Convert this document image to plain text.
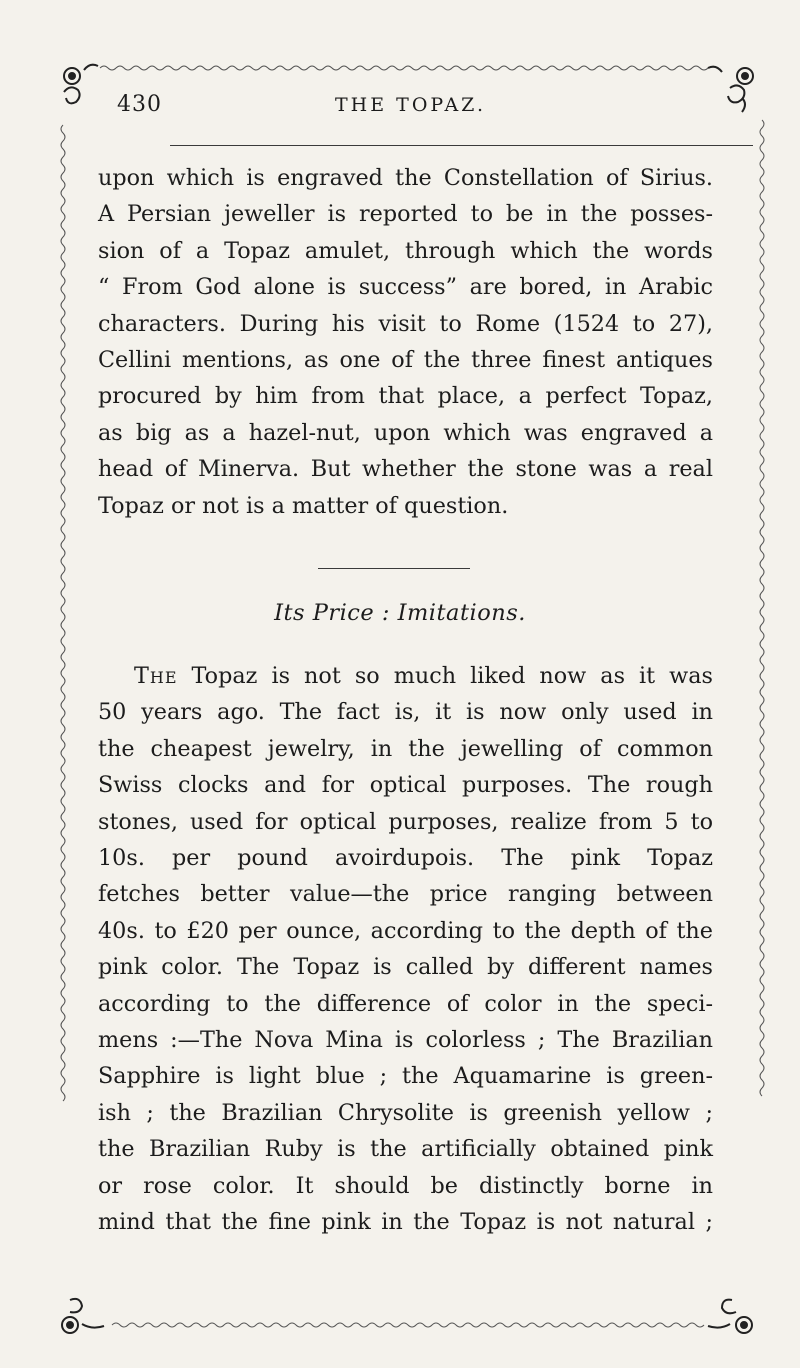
430	THE TOPAZ.
upon which is engraved the Constellation of Sirius.
A Persian jeweller is reported to be in the posses-
sion of a Topaz amulet, through which the words
“ From God alone is success” are bored, in Arabic
characters. During his visit to Rome (1524 to 27),
Cellini mentions, as one of the three finest antiques
procured by him from that place, a perfect Topaz,
as big as a hazel-nut, upon which was engraved a
head of Minerva. But whether the stone was a real
Topaz or not is a matter of question.
Its Price : Imitations.
The Topaz is not so much liked now as it was
50 years ago. The fact is, it is now only used in
the cheapest jewelry, in the jewelling of common
Swiss clocks and for optical purposes. The rough
stones, used for optical purposes, realize from 5 to
10s. per pound avoirdupois. The pink Topaz
fetches better value—the price ranging between
40s. to £20 per ounce, according to the depth of the
pink color. The Topaz is called by different names
according to the difference of color in the speci-
mens :—The Nova Mina is colorless ; The Brazilian
Sapphire is light blue ; the Aquamarine is green-
ish ; the Brazilian Chrysolite is greenish yellow ;
the Brazilian Ruby is the artificially obtained pink
or rose color. It should be distinctly borne in
mind that the fine pink in the Topaz is not natural ;
